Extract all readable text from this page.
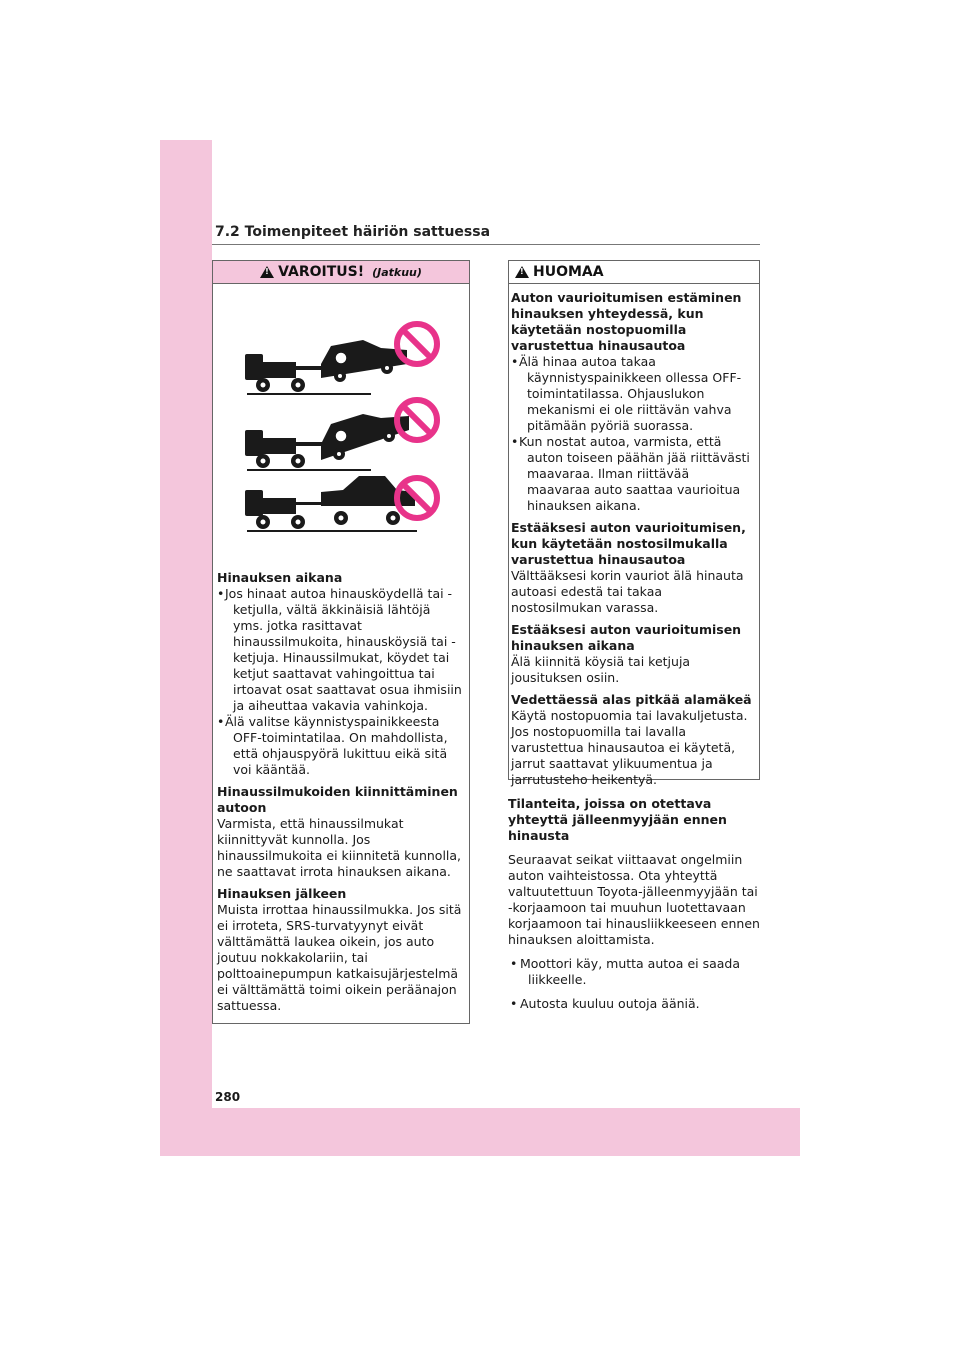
7.2 Toimenpiteet häiriön sattuessa
!
VAROITUS! (Jatkuu)

Hinauksen aikana

• Jos hinaat autoa hinausköydellä tai -ketjulla, vältä äkkinäisiä lähtöjä yms. jotka rasittavat hinaussilmukoita, hinausköysiä tai -ketjuja. Hinaussilmukat, köydet tai ketjut saattavat vahingoittua tai irtoavat osat saattavat osua ihmisiin ja aiheuttaa vakavia vahinkoja.
• Älä valitse käynnistyspainikkeesta OFF-toimintatilaa. On mahdollista, että ohjauspyörä lukittuu eikä sitä voi kääntää.

Hinaussilmukoiden kiinnittäminen autoon

Varmista, että hinaussilmukat kiinnittyvät kunnolla. Jos hinaussilmukoita ei kiinnitetä kunnolla, ne saattavat irrota hinauksen aikana.

Hinauksen jälkeen

Muista irrottaa hinaussilmukka. Jos sitä ei irroteta, SRS-turvatyynyt eivät välttämättä laukea oikein, jos auto joutuu nokkakolariin, tai polttoainepumpun katkaisujärjestelmä ei välttämättä toimi oikein peräänajon sattuessa.

!
HUOMAA

Auton vaurioitumisen estäminen hinauksen yhteydessä, kun käytetään nostopuomilla varustettua hinausautoa

• Älä hinaa autoa takaa käynnistyspainikkeen ollessa OFF-toimintatilassa. Ohjauslukon mekanismi ei ole riittävän vahva pitämään pyöriä suorassa.
• Kun nostat autoa, varmista, että auton toiseen päähän jää riittävästi maavaraa. Ilman riittävää maavaraa auto saattaa vaurioitua hinauksen aikana.

Estääksesi auton vaurioitumisen, kun käytetään nostosilmukalla varustettua hinausautoa

Välttääksesi korin vauriot älä hinauta autoasi edestä tai takaa nostosilmukan varassa.

Estääksesi auton vaurioitumisen hinauksen aikana

Älä kiinnitä köysiä tai ketjuja jousituksen osiin.

Vedettäessä alas pitkää alamäkeä

Käytä nostopuomia tai lavakuljetusta. Jos nostopuomilla tai lavalla varustettua hinausautoa ei käytetä, jarrut saattavat ylikuumentua ja jarrutusteho heikentyä.

Tilanteita, joissa on otettava yhteyttä jälleenmyyjään ennen hinausta

Seuraavat seikat viittaavat ongelmiin auton vaihteistossa. Ota yhteyttä valtuutettuun Toyota-jälleenmyyjään tai -korjaamoon tai muuhun luotettavaan korjaamoon tai hinausliikkeeseen ennen hinauksen aloittamista.

• Moottori käy, mutta autoa ei saada liikkeelle.
• Autosta kuuluu outoja ääniä.
280
